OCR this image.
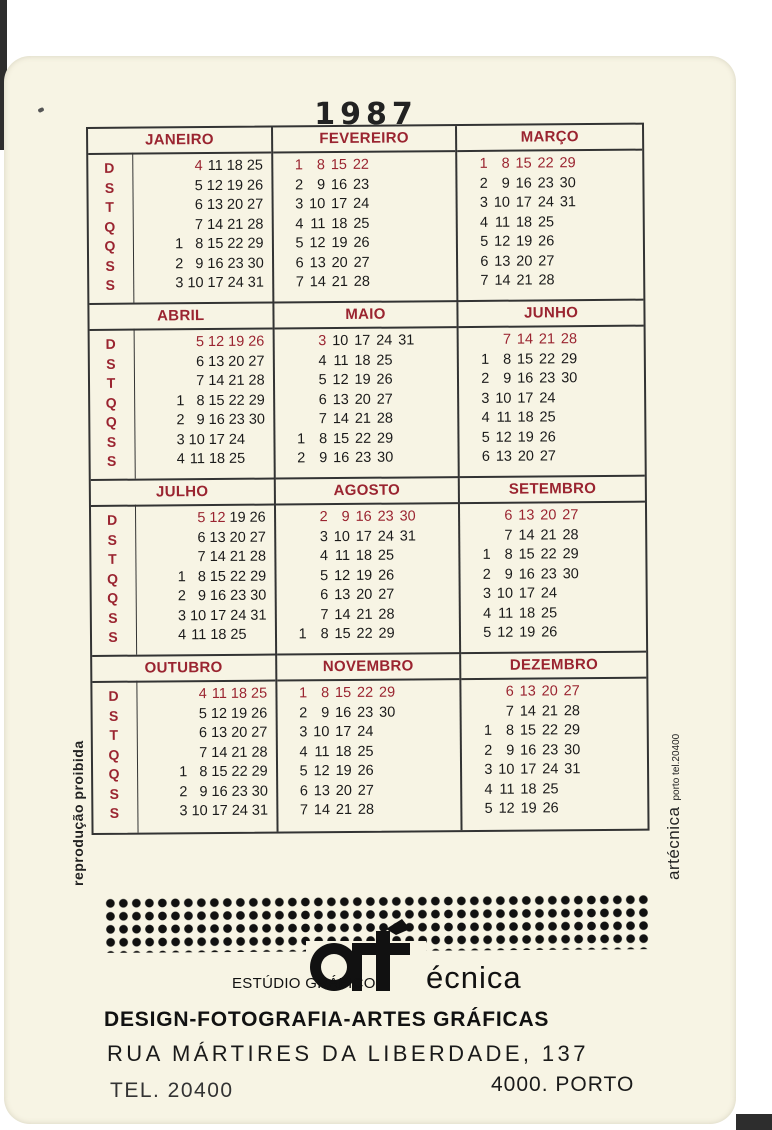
1987
JANEIRO
D
S
T
Q
Q
S
S
4 11 18 25
5 12 19 26
6 13 20 27
7 14 21 28
1 8 15 22 29
2 9 16 23 30
3 10 17 24 31
FEVEREIRO
1 8 15 22
2 9 16 23
3 10 17 24
4 11 18 25
5 12 19 26
6 13 20 27
7 14 21 28
MARÇO
1 8 15 22 29
2 9 16 23 30
3 10 17 24 31
4 11 18 25
5 12 19 26
6 13 20 27
7 14 21 28
ABRIL
D
S
T
Q
Q
S
S
5 12 19 26
6 13 20 27
7 14 21 28
1 8 15 22 29
2 9 16 23 30
3 10 17 24
4 11 18 25
MAIO
3 10 17 24 31
4 11 18 25
5 12 19 26
6 13 20 27
7 14 21 28
1 8 15 22 29
2 9 16 23 30
JUNHO
7 14 21 28
1 8 15 22 29
2 9 16 23 30
3 10 17 24
4 11 18 25
5 12 19 26
6 13 20 27
JULHO
D
S
T
Q
Q
S
S
5 12 19 26
6 13 20 27
7 14 21 28
1 8 15 22 29
2 9 16 23 30
3 10 17 24 31
4 11 18 25
AGOSTO
2 9 16 23 30
3 10 17 24 31
4 11 18 25
5 12 19 26
6 13 20 27
7 14 21 28
1 8 15 22 29
SETEMBRO
6 13 20 27
7 14 21 28
1 8 15 22 29
2 9 16 23 30
3 10 17 24
4 11 18 25
5 12 19 26
OUTUBRO
D
S
T
Q
Q
S
S
4 11 18 25
5 12 19 26
6 13 20 27
7 14 21 28
1 8 15 22 29
2 9 16 23 30
3 10 17 24 31
NOVEMBRO
1 8 15 22 29
2 9 16 23 30
3 10 17 24
4 11 18 25
5 12 19 26
6 13 20 27
7 14 21 28
DEZEMBRO
6 13 20 27
7 14 21 28
1 8 15 22 29
2 9 16 23 30
3 10 17 24 31
4 11 18 25
5 12 19 26
reprodução proibida	artécnicaporto tel.20400
ESTÚDIO GRÁFICO écnica
DESIGN-FOTOGRAFIA-ARTES GRÁFICAS
RUA MÁRTIRES DA LIBERDADE, 137
TEL. 20400	4000. PORTO
